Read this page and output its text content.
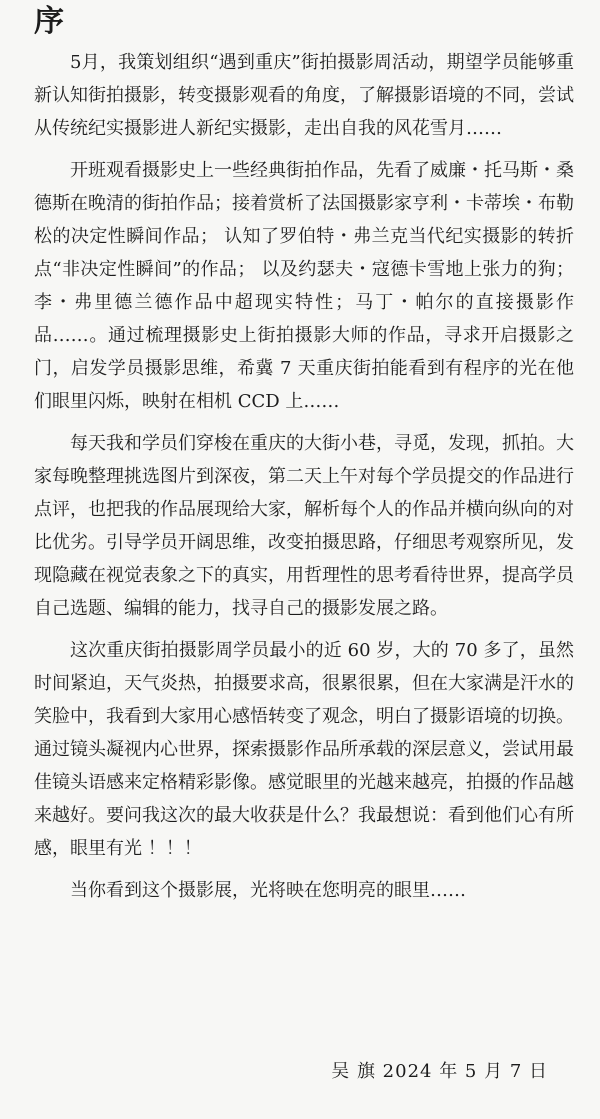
序

5月，我策划组织“遇到重庆”街拍摄影周活动，期望学员能够重新认知街拍摄影，转变摄影观看的角度，了解摄影语境的不同，尝试从传统纪实摄影进人新纪实摄影，走出自我的风花雪月……

开班观看摄影史上一些经典街拍作品，先看了威廉・托马斯・桑德斯在晚清的街拍作品；接着赏析了法国摄影家亨利・卡蒂埃・布勒松的决定性瞬间作品； 认知了罗伯特・弗兰克当代纪实摄影的转折点“非决定性瞬间”的作品； 以及约瑟夫・寇德卡雪地上张力的狗；李・弗里德兰德作品中超现实特性；马丁・帕尔的直接摄影作品……。通过梳理摄影史上街拍摄影大师的作品，寻求开启摄影之门，启发学员摄影思维，希冀 7 天重庆街拍能看到有程序的光在他们眼里闪烁，映射在相机 CCD 上……

每天我和学员们穿梭在重庆的大街小巷，寻觅，发现，抓拍。大家每晚整理挑选图片到深夜，第二天上午对每个学员提交的作品进行点评，也把我的作品展现给大家，解析每个人的作品并横向纵向的对比优劣。引导学员开阔思维，改变拍摄思路，仔细思考观察所见，发现隐藏在视觉表象之下的真实，用哲理性的思考看待世界，提高学员自己选题、编辑的能力，找寻自己的摄影发展之路。

这次重庆街拍摄影周学员最小的近 60 岁，大的 70 多了，虽然时间紧迫，天气炎热，拍摄要求高，很累很累，但在大家满是汗水的笑脸中，我看到大家用心感悟转变了观念，明白了摄影语境的切换。通过镜头凝视内心世界，探索摄影作品所承载的深层意义，尝试用最佳镜头语感来定格精彩影像。感觉眼里的光越来越亮，拍摄的作品越来越好。要问我这次的最大收获是什么？我最想说：看到他们心有所感，眼里有光 ！！！

当你看到这个摄影展，光将映在您明亮的眼里……

吴 旗 2024 年 5 月 7 日
